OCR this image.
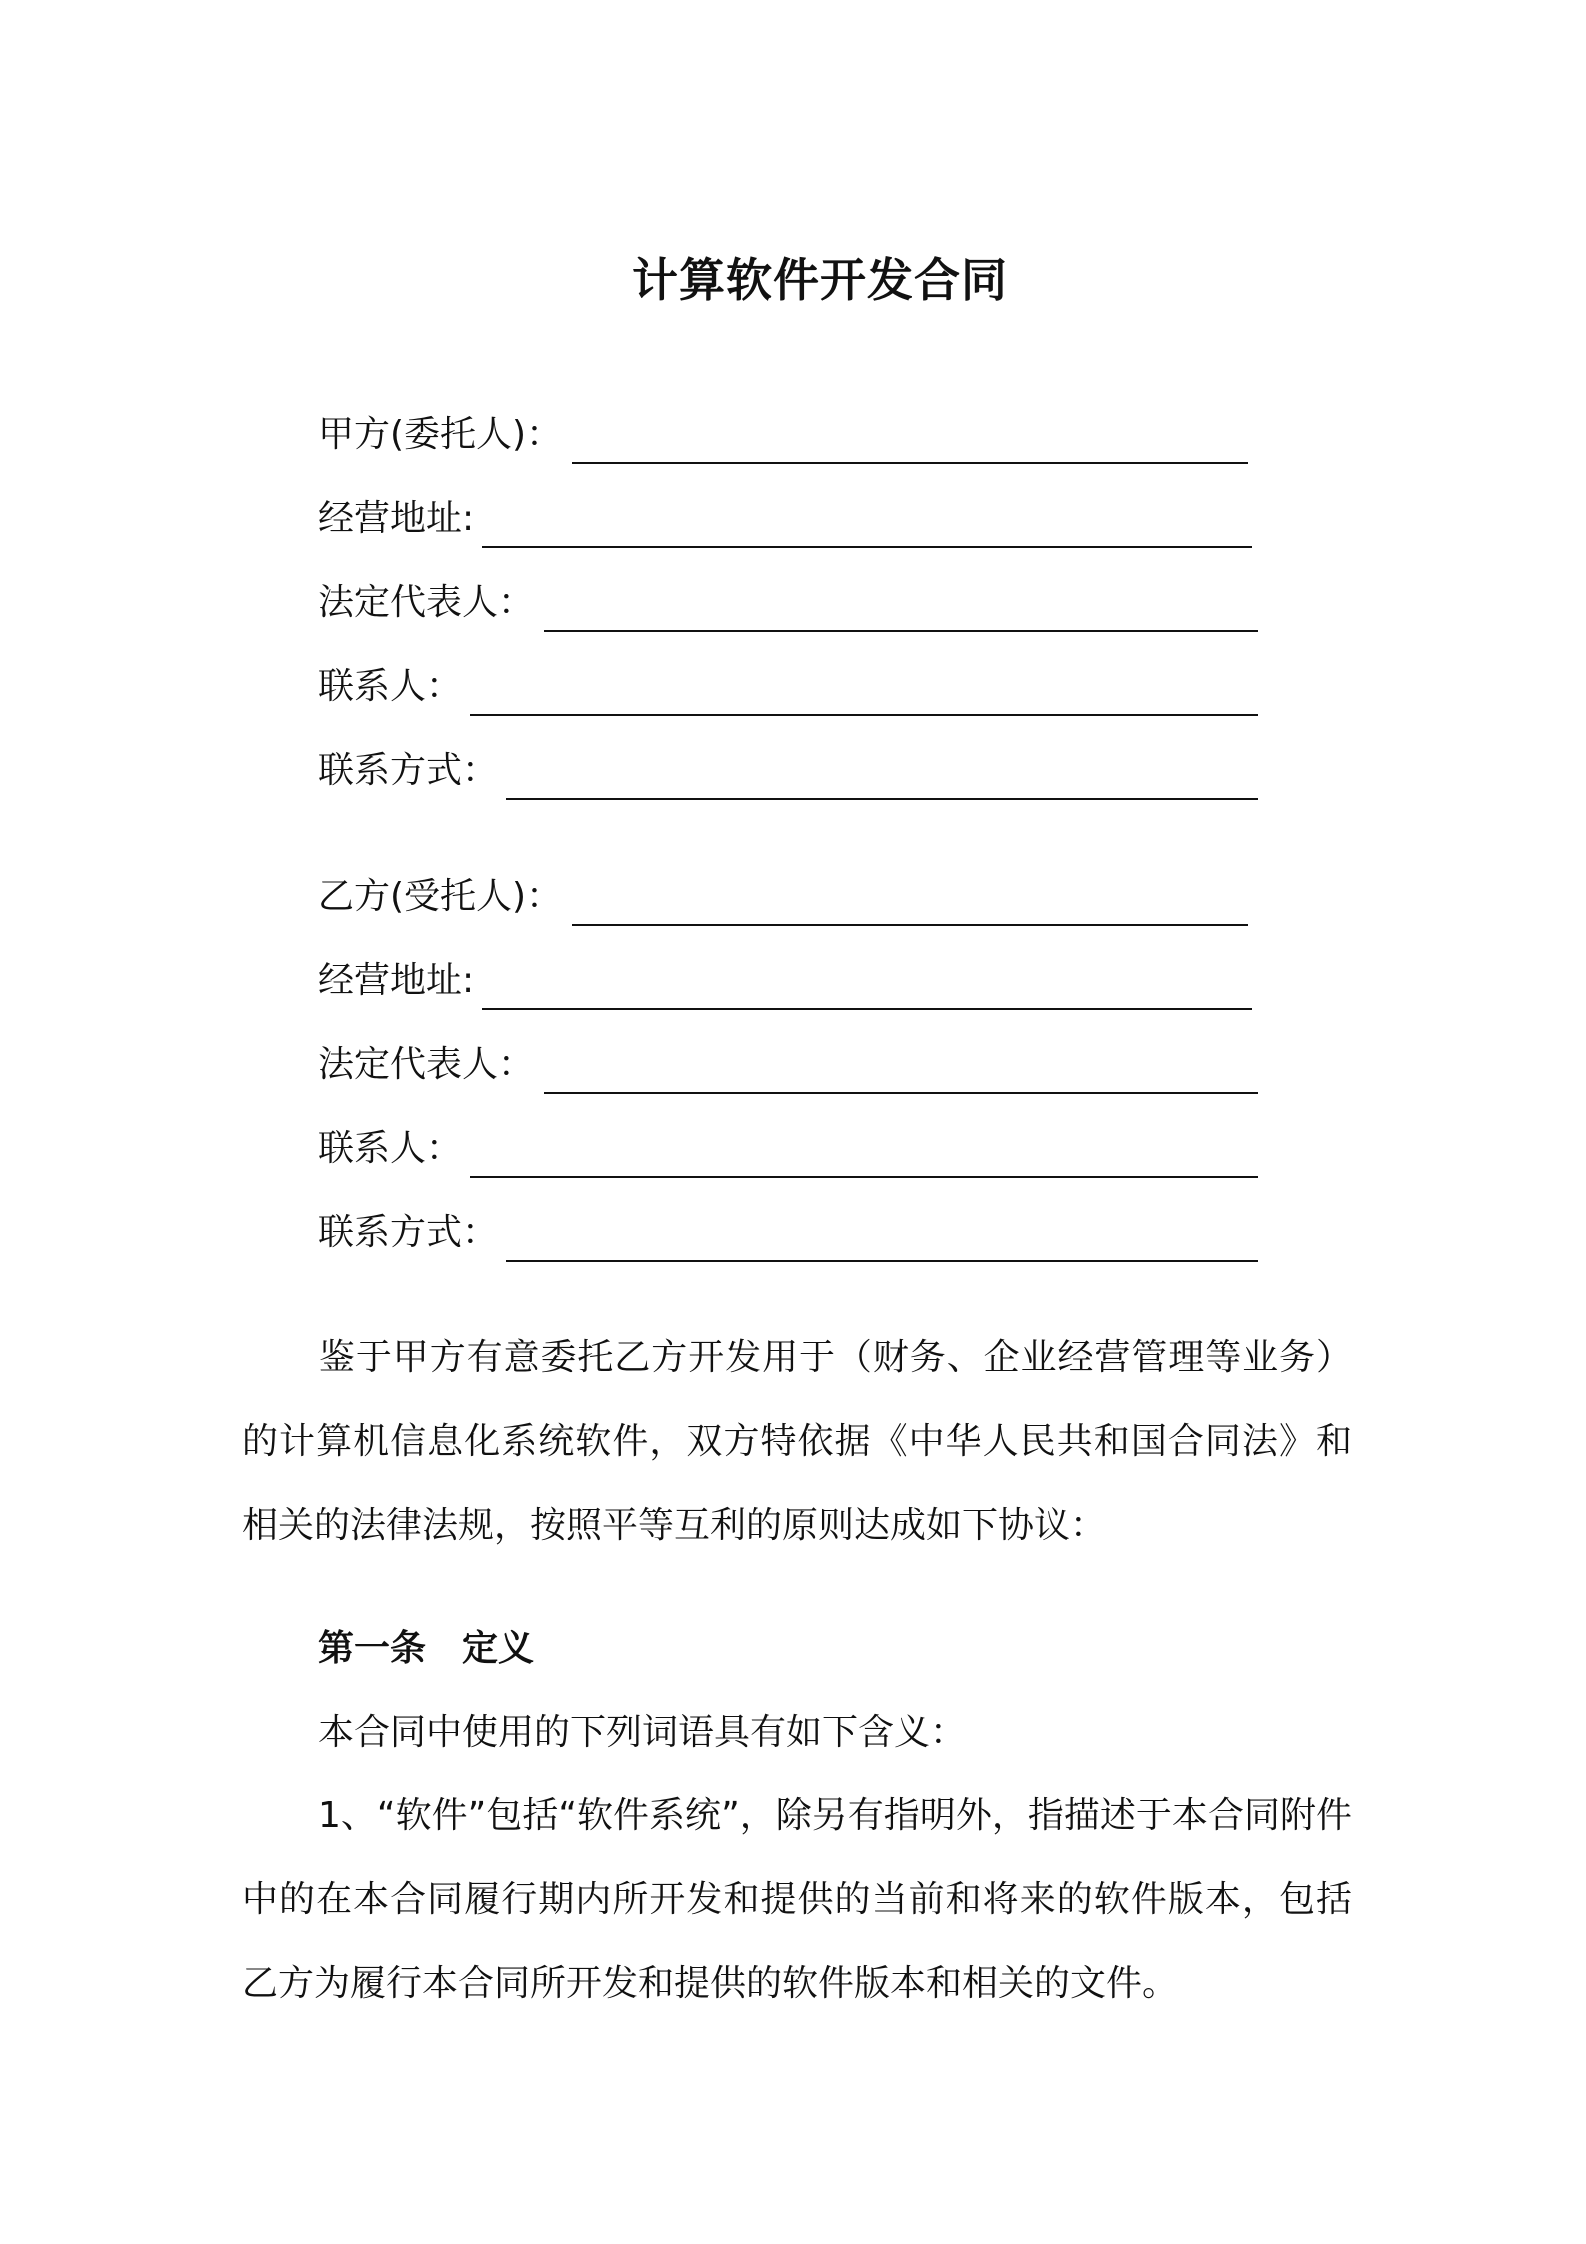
计算软件开发合同
甲方(委托人)：
经营地址:
法定代表人：
联系人：
联系方式：
乙方(受托人)：
经营地址:
法定代表人：
联系人：
联系方式：
鉴于甲方有意委托乙方开发用于（财务、企业经营管理等业务）的计算机信息化系统软件，双方特依据《中华人民共和国合同法》和相关的法律法规，按照平等互利的原则达成如下协议：
第一条 定义
本合同中使用的下列词语具有如下含义：
1、“软件”包括“软件系统”，除另有指明外，指描述于本合同附件中的在本合同履行期内所开发和提供的当前和将来的软件版本，包括乙方为履行本合同所开发和提供的软件版本和相关的文件。
